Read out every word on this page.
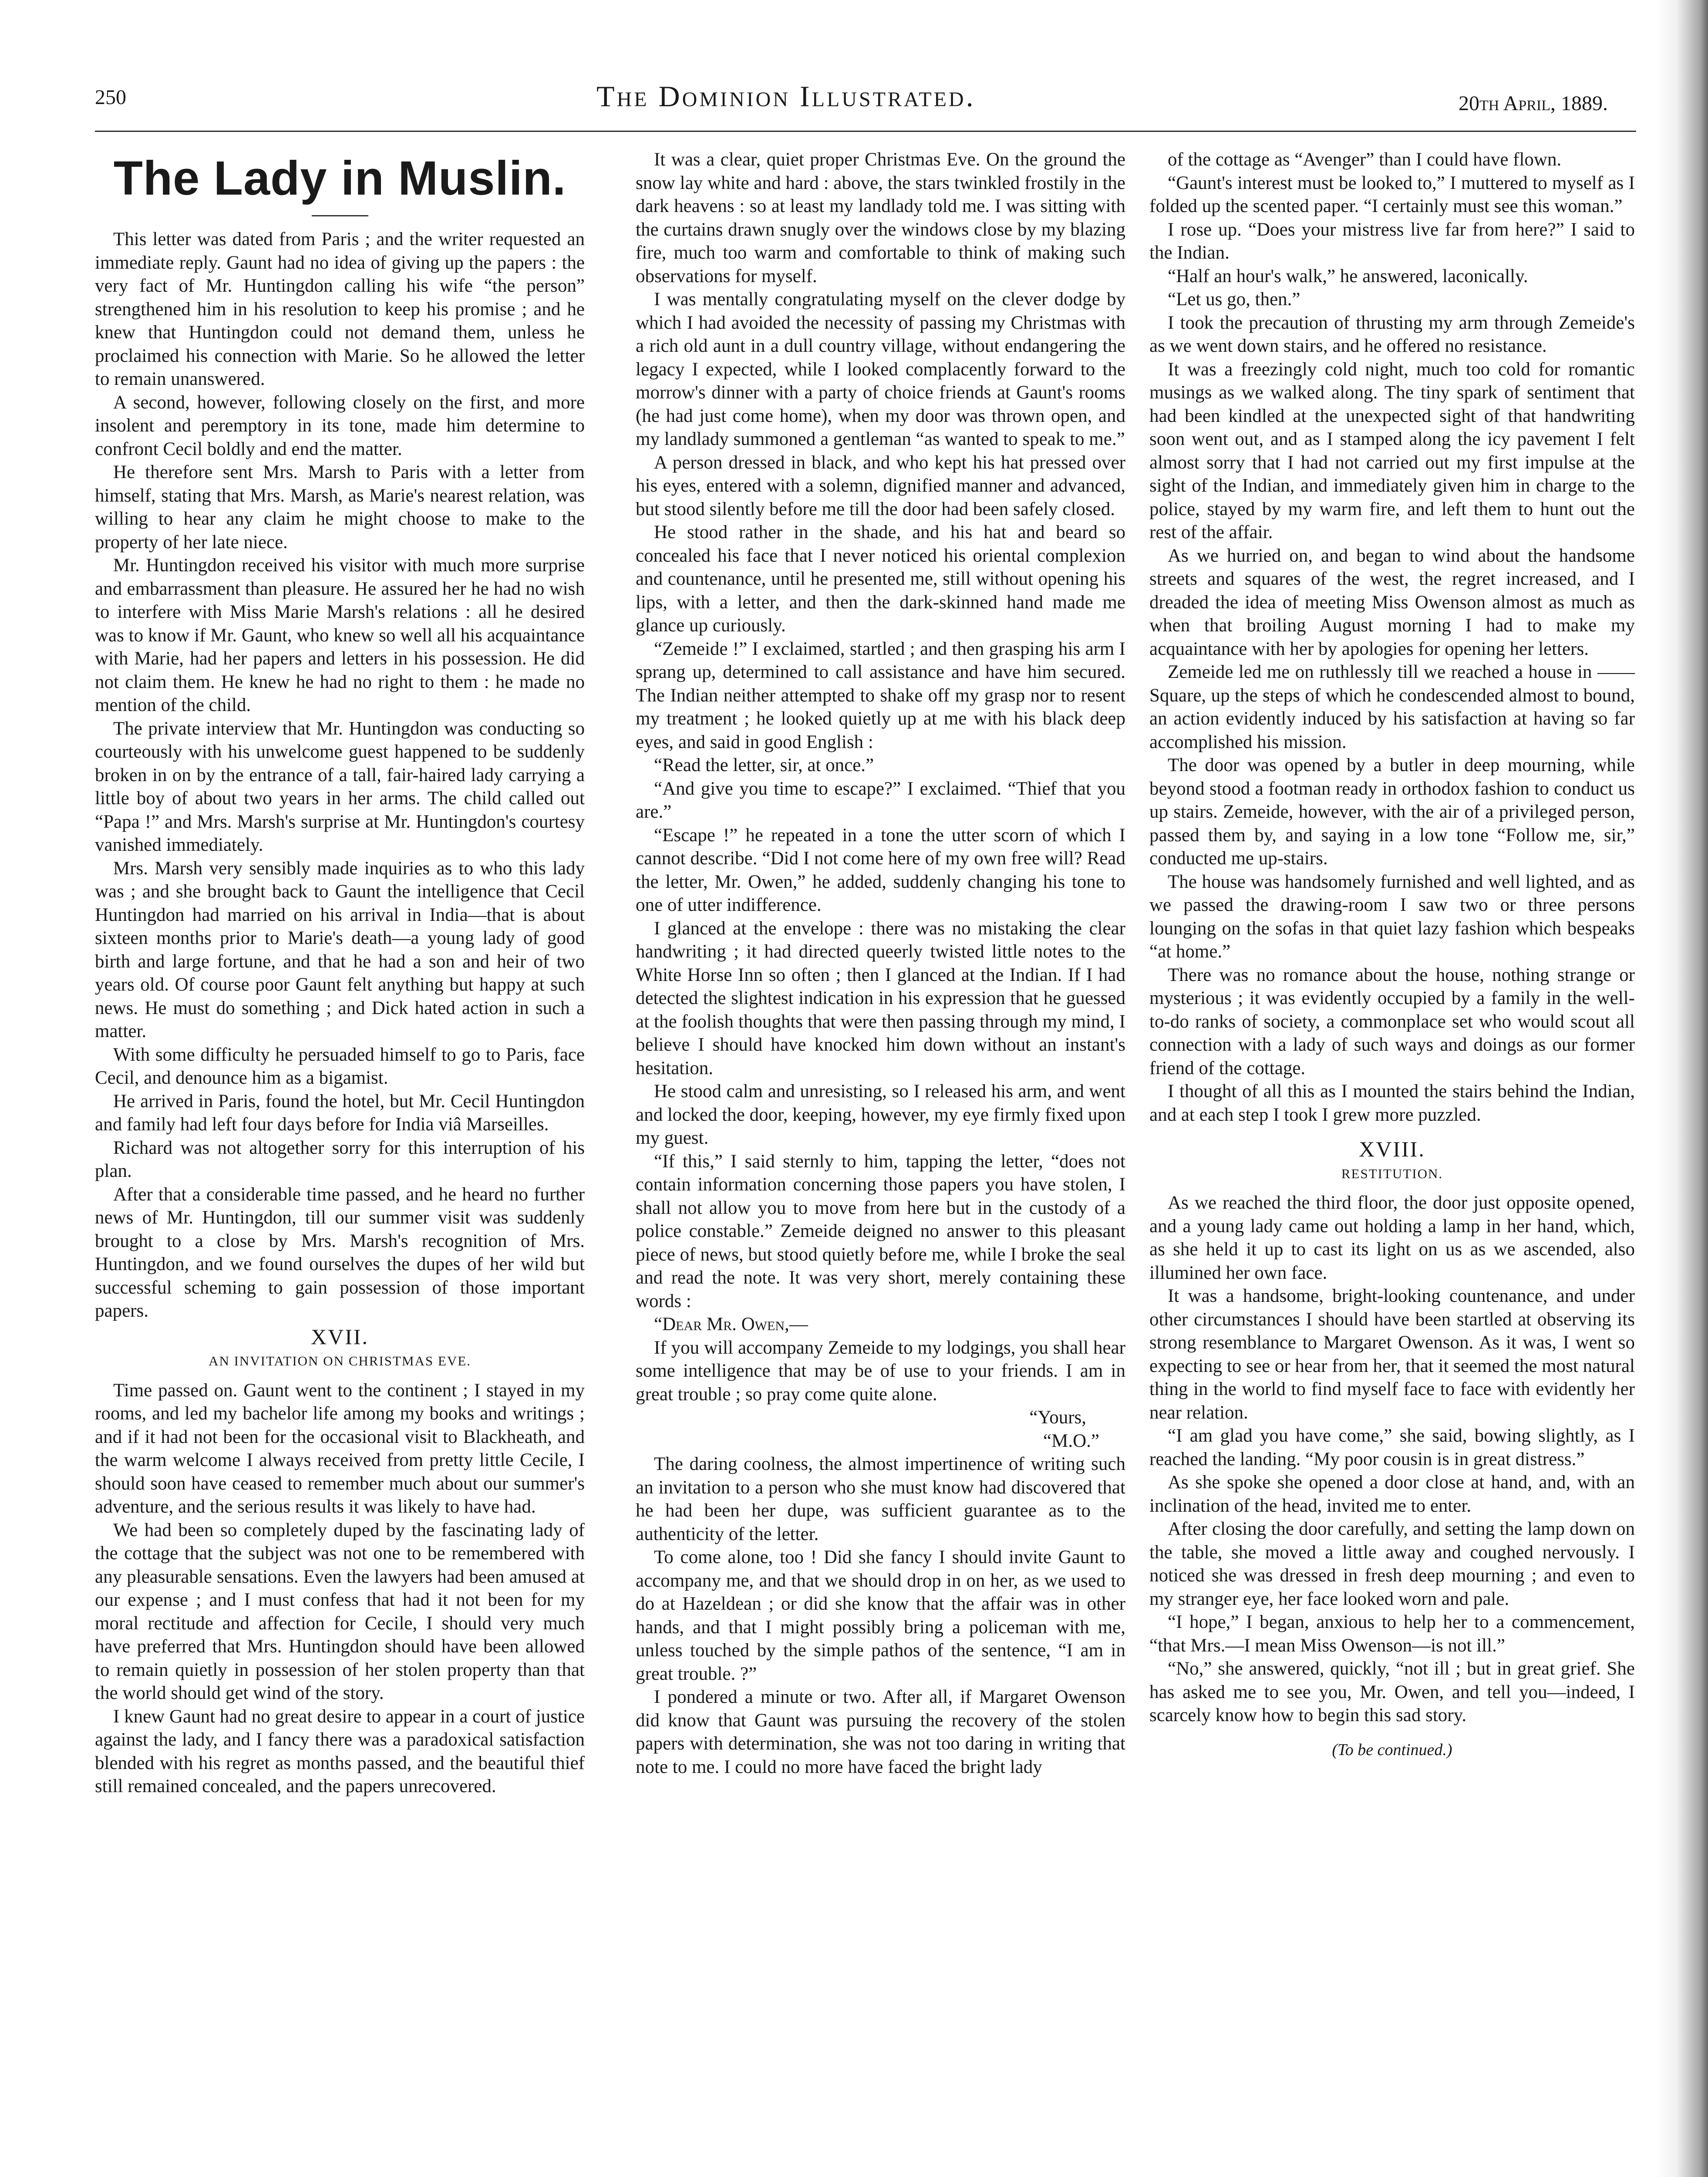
250	The Dominion Illustrated.	20th April, 1889.
The Lady in Muslin.

This letter was dated from Paris ; and the writer requested an immediate reply. Gaunt had no idea of giving up the papers : the very fact of Mr. Huntingdon calling his wife “the person” strengthened him in his resolution to keep his promise ; and he knew that Huntingdon could not demand them, unless he proclaimed his connection with Marie. So he allowed the letter to remain unanswered.

A second, however, following closely on the first, and more insolent and peremptory in its tone, made him determine to confront Cecil boldly and end the matter.

He therefore sent Mrs. Marsh to Paris with a letter from himself, stating that Mrs. Marsh, as Marie's nearest relation, was willing to hear any claim he might choose to make to the property of her late niece.

Mr. Huntingdon received his visitor with much more surprise and embarrassment than pleasure. He assured her he had no wish to interfere with Miss Marie Marsh's relations : all he desired was to know if Mr. Gaunt, who knew so well all his acquaintance with Marie, had her papers and letters in his possession. He did not claim them. He knew he had no right to them : he made no mention of the child.

The private interview that Mr. Huntingdon was conducting so courteously with his unwelcome guest happened to be suddenly broken in on by the entrance of a tall, fair-haired lady carrying a little boy of about two years in her arms. The child called out “Papa !” and Mrs. Marsh's surprise at Mr. Huntingdon's courtesy vanished immediately.

Mrs. Marsh very sensibly made inquiries as to who this lady was ; and she brought back to Gaunt the intelligence that Cecil Huntingdon had married on his arrival in India—that is about sixteen months prior to Marie's death—a young lady of good birth and large fortune, and that he had a son and heir of two years old. Of course poor Gaunt felt anything but happy at such news. He must do something ; and Dick hated action in such a matter.

With some difficulty he persuaded himself to go to Paris, face Cecil, and denounce him as a bigamist.

He arrived in Paris, found the hotel, but Mr. Cecil Huntingdon and family had left four days before for India viâ Marseilles.

Richard was not altogether sorry for this interruption of his plan.

After that a considerable time passed, and he heard no further news of Mr. Huntingdon, till our summer visit was suddenly brought to a close by Mrs. Marsh's recognition of Mrs. Huntingdon, and we found ourselves the dupes of her wild but successful scheming to gain possession of those important papers.

XVII.
AN INVITATION ON CHRISTMAS EVE.

Time passed on. Gaunt went to the continent ; I stayed in my rooms, and led my bachelor life among my books and writings ; and if it had not been for the occasional visit to Blackheath, and the warm welcome I always received from pretty little Cecile, I should soon have ceased to remember much about our summer's adventure, and the serious results it was likely to have had.

We had been so completely duped by the fascinating lady of the cottage that the subject was not one to be remembered with any pleasurable sensations. Even the lawyers had been amused at our expense ; and I must confess that had it not been for my moral rectitude and affection for Cecile, I should very much have preferred that Mrs. Huntingdon should have been allowed to remain quietly in possession of her stolen property than that the world should get wind of the story.

I knew Gaunt had no great desire to appear in a court of justice against the lady, and I fancy there was a paradoxical satisfaction blended with his regret as months passed, and the beautiful thief still remained concealed, and the papers unrecovered.

It was a clear, quiet proper Christmas Eve. On the ground the snow lay white and hard : above, the stars twinkled frostily in the dark heavens : so at least my landlady told me. I was sitting with the curtains drawn snugly over the windows close by my blazing fire, much too warm and comfortable to think of making such observations for myself.

I was mentally congratulating myself on the clever dodge by which I had avoided the necessity of passing my Christmas with a rich old aunt in a dull country village, without endangering the legacy I expected, while I looked complacently forward to the morrow's dinner with a party of choice friends at Gaunt's rooms (he had just come home), when my door was thrown open, and my landlady summoned a gentleman “as wanted to speak to me.”

A person dressed in black, and who kept his hat pressed over his eyes, entered with a solemn, dignified manner and advanced, but stood silently before me till the door had been safely closed.

He stood rather in the shade, and his hat and beard so concealed his face that I never noticed his oriental complexion and countenance, until he presented me, still without opening his lips, with a letter, and then the dark-skinned hand made me glance up curiously.

“Zemeide !” I exclaimed, startled ; and then grasping his arm I sprang up, determined to call assistance and have him secured. The Indian neither attempted to shake off my grasp nor to resent my treatment ; he looked quietly up at me with his black deep eyes, and said in good English :

“Read the letter, sir, at once.”

“And give you time to escape?” I exclaimed. “Thief that you are.”

“Escape !” he repeated in a tone the utter scorn of which I cannot describe. “Did I not come here of my own free will? Read the letter, Mr. Owen,” he added, suddenly changing his tone to one of utter indifference.

I glanced at the envelope : there was no mistaking the clear handwriting ; it had directed queerly twisted little notes to the White Horse Inn so often ; then I glanced at the Indian. If I had detected the slightest indication in his expression that he guessed at the foolish thoughts that were then passing through my mind, I believe I should have knocked him down without an instant's hesitation.

He stood calm and unresisting, so I released his arm, and went and locked the door, keeping, however, my eye firmly fixed upon my guest.

“If this,” I said sternly to him, tapping the letter, “does not contain information concerning those papers you have stolen, I shall not allow you to move from here but in the custody of a police constable.” Zemeide deigned no answer to this pleasant piece of news, but stood quietly before me, while I broke the seal and read the note. It was very short, merely containing these words :

“Dear Mr. Owen,—

If you will accompany Zemeide to my lodgings, you shall hear some intelligence that may be of use to your friends. I am in great trouble ; so pray come quite alone.

“Yours,

“M.O.”

The daring coolness, the almost impertinence of writing such an invitation to a person who she must know had discovered that he had been her dupe, was sufficient guarantee as to the authenticity of the letter.

To come alone, too ! Did she fancy I should invite Gaunt to accompany me, and that we should drop in on her, as we used to do at Hazeldean ; or did she know that the affair was in other hands, and that I might possibly bring a policeman with me, unless touched by the simple pathos of the sentence, “I am in great trouble. ?”

I pondered a minute or two. After all, if Margaret Owenson did know that Gaunt was pursuing the recovery of the stolen papers with determination, she was not too daring in writing that note to me. I could no more have faced the bright lady

of the cottage as “Avenger” than I could have flown.

“Gaunt's interest must be looked to,” I muttered to myself as I folded up the scented paper. “I certainly must see this woman.”

I rose up. “Does your mistress live far from here?” I said to the Indian.

“Half an hour's walk,” he answered, laconically.

“Let us go, then.”

I took the precaution of thrusting my arm through Zemeide's as we went down stairs, and he offered no resistance.

It was a freezingly cold night, much too cold for romantic musings as we walked along. The tiny spark of sentiment that had been kindled at the unexpected sight of that handwriting soon went out, and as I stamped along the icy pavement I felt almost sorry that I had not carried out my first impulse at the sight of the Indian, and immediately given him in charge to the police, stayed by my warm fire, and left them to hunt out the rest of the affair.

As we hurried on, and began to wind about the handsome streets and squares of the west, the regret increased, and I dreaded the idea of meeting Miss Owenson almost as much as when that broiling August morning I had to make my acquaintance with her by apologies for opening her letters.

Zemeide led me on ruthlessly till we reached a house in —— Square, up the steps of which he condescended almost to bound, an action evidently induced by his satisfaction at having so far accomplished his mission.

The door was opened by a butler in deep mourning, while beyond stood a footman ready in orthodox fashion to conduct us up stairs. Zemeide, however, with the air of a privileged person, passed them by, and saying in a low tone “Follow me, sir,” conducted me up-stairs.

The house was handsomely furnished and well lighted, and as we passed the drawing-room I saw two or three persons lounging on the sofas in that quiet lazy fashion which bespeaks “at home.”

There was no romance about the house, nothing strange or mysterious ; it was evidently occupied by a family in the well-to-do ranks of society, a commonplace set who would scout all connection with a lady of such ways and doings as our former friend of the cottage.

I thought of all this as I mounted the stairs behind the Indian, and at each step I took I grew more puzzled.

XVIII.
RESTITUTION.

As we reached the third floor, the door just opposite opened, and a young lady came out holding a lamp in her hand, which, as she held it up to cast its light on us as we ascended, also illumined her own face.

It was a handsome, bright-looking countenance, and under other circumstances I should have been startled at observing its strong resemblance to Margaret Owenson. As it was, I went so expecting to see or hear from her, that it seemed the most natural thing in the world to find myself face to face with evidently her near relation.

“I am glad you have come,” she said, bowing slightly, as I reached the landing. “My poor cousin is in great distress.”

As she spoke she opened a door close at hand, and, with an inclination of the head, invited me to enter.

After closing the door carefully, and setting the lamp down on the table, she moved a little away and coughed nervously. I noticed she was dressed in fresh deep mourning ; and even to my stranger eye, her face looked worn and pale.

“I hope,” I began, anxious to help her to a commencement, “that Mrs.—I mean Miss Owenson—is not ill.”

“No,” she answered, quickly, “not ill ; but in great grief. She has asked me to see you, Mr. Owen, and tell you—indeed, I scarcely know how to begin this sad story.

(To be continued.)
